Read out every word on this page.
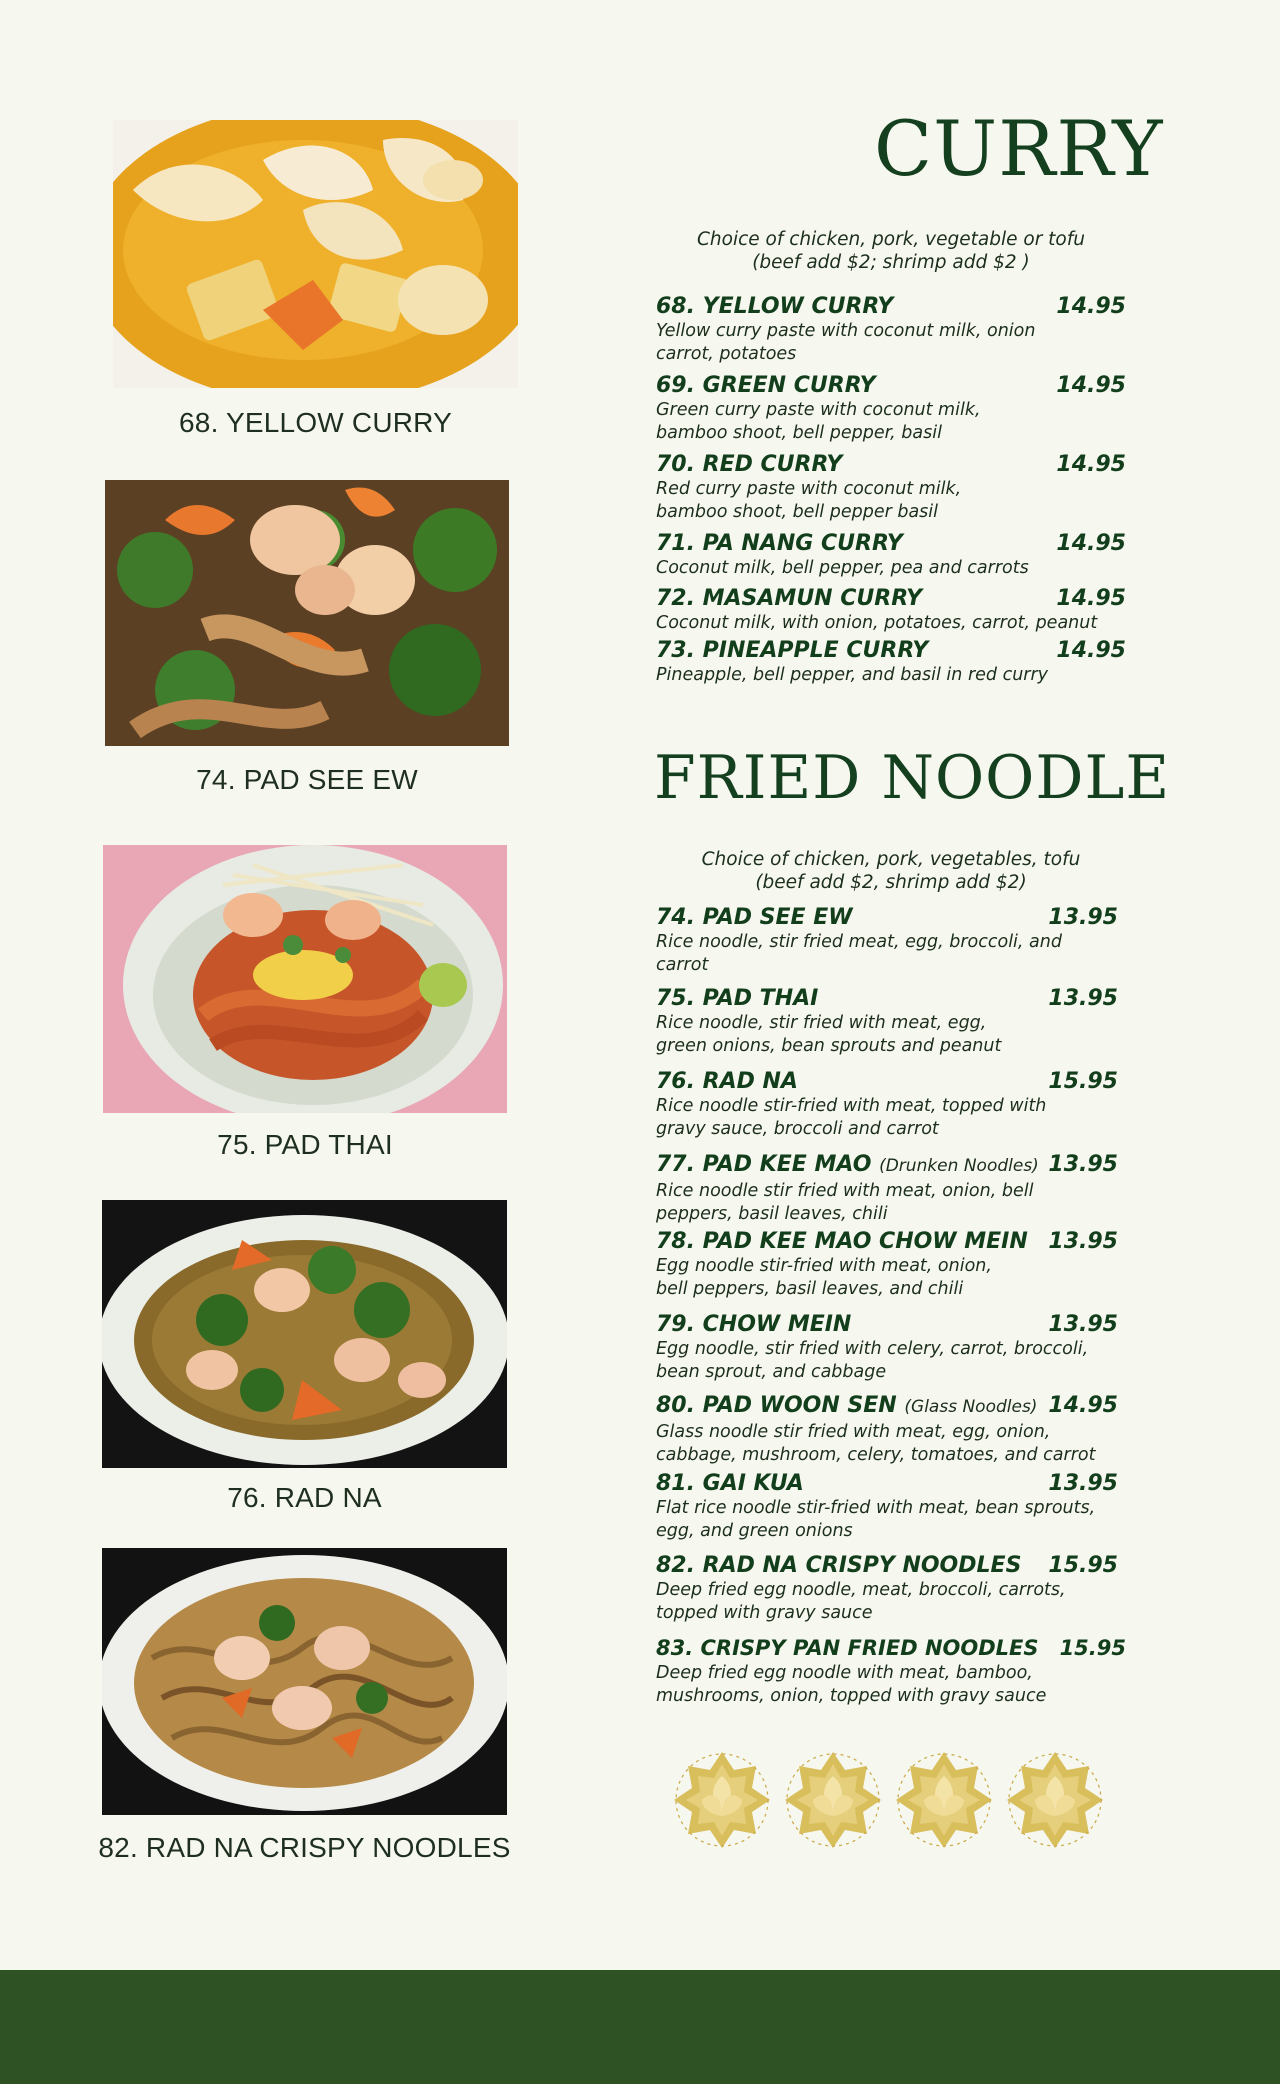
68. YELLOW CURRY
74. PAD SEE EW
75. PAD THAI
76. RAD NA
82. RAD NA CRISPY NOODLES
CURRY
Choice of chicken, pork, vegetable or tofu
(beef add $2; shrimp add $2 )
68. YELLOW CURRY	14.95
Yellow curry paste with coconut milk, onion
carrot, potatoes
69. GREEN CURRY	14.95
Green curry paste with coconut milk,
bamboo shoot, bell pepper, basil
70. RED CURRY	14.95
Red curry paste with coconut milk,
bamboo shoot, bell pepper basil
71. PA NANG CURRY	14.95
Coconut milk, bell pepper, pea and carrots
72. MASAMUN CURRY	14.95
Coconut milk, with onion, potatoes, carrot, peanut
73. PINEAPPLE CURRY	14.95
Pineapple, bell pepper, and basil in red curry
FRIED NOODLE
Choice of chicken, pork, vegetables, tofu
(beef add $2, shrimp add $2)
74. PAD SEE EW	13.95
Rice noodle, stir fried meat, egg, broccoli, and
carrot
75. PAD THAI	13.95
Rice noodle, stir fried with meat, egg,
green onions, bean sprouts and peanut
76. RAD NA	15.95
Rice noodle stir-fried with meat, topped with
gravy sauce, broccoli and carrot
77. PAD KEE MAO (Drunken Noodles) 13.95
Rice noodle stir fried with meat, onion, bell
peppers, basil leaves, chili
78. PAD KEE MAO CHOW MEIN 13.95
Egg noodle stir-fried with meat, onion,
bell peppers, basil leaves, and chili
79. CHOW MEIN	13.95
Egg noodle, stir fried with celery, carrot, broccoli,
bean sprout, and cabbage
80. PAD WOON SEN (Glass Noodles) 14.95
Glass noodle stir fried with meat, egg, onion,
cabbage, mushroom, celery, tomatoes, and carrot
81. GAI KUA	13.95
Flat rice noodle stir-fried with meat, bean sprouts,
egg, and green onions
82. RAD NA CRISPY NOODLES 15.95
Deep fried egg noodle, meat, broccoli, carrots,
topped with gravy sauce
83. CRISPY PAN FRIED NOODLES 15.95
Deep fried egg noodle with meat, bamboo,
mushrooms, onion, topped with gravy sauce
